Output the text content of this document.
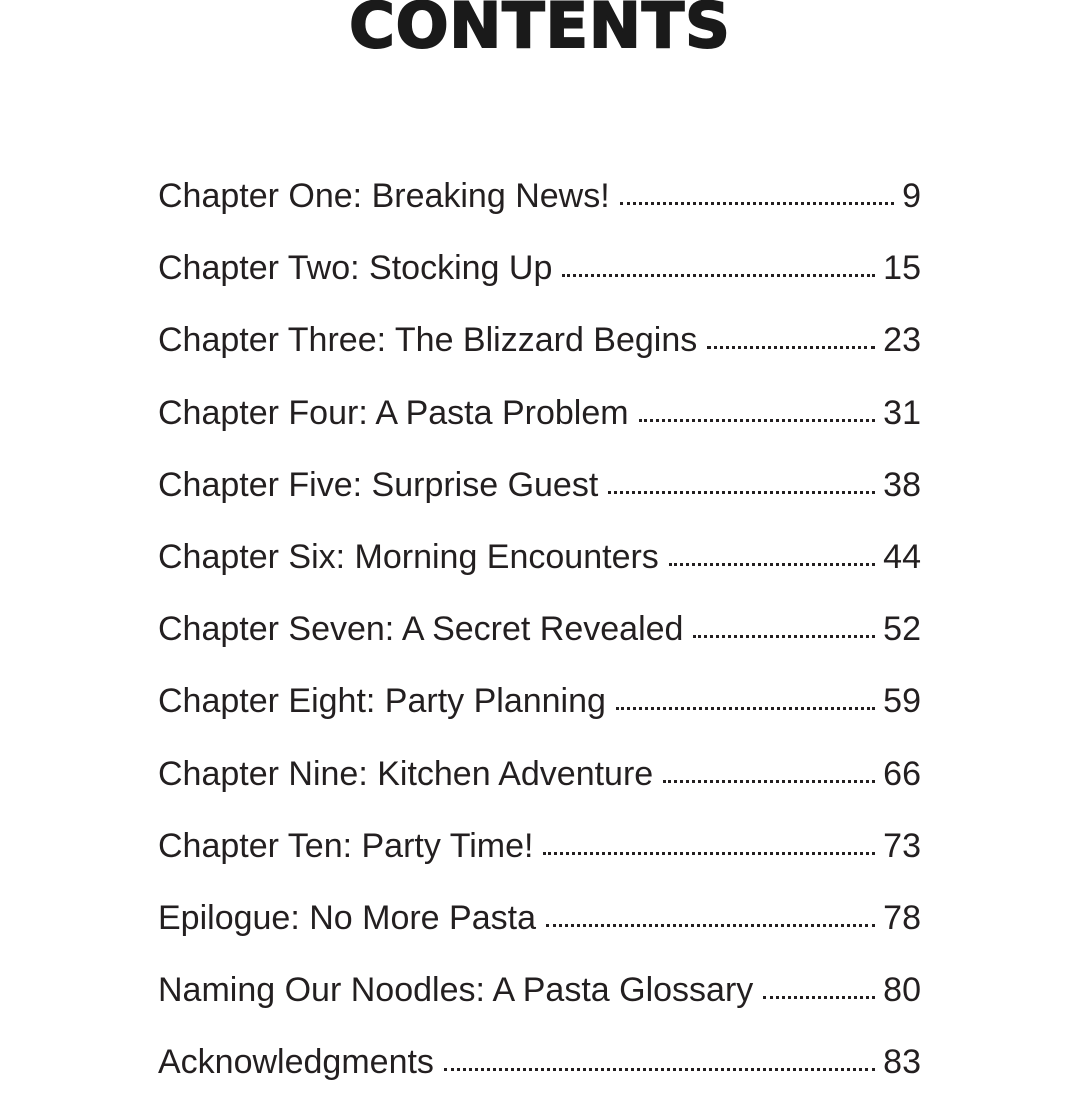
CONTENTS
Chapter One: Breaking News!	9
Chapter Two: Stocking Up	15
Chapter Three: The Blizzard Begins	23
Chapter Four: A Pasta Problem	31
Chapter Five: Surprise Guest	38
Chapter Six: Morning Encounters	44
Chapter Seven: A Secret Revealed	52
Chapter Eight: Party Planning	59
Chapter Nine: Kitchen Adventure	66
Chapter Ten: Party Time!	73
Epilogue: No More Pasta	78
Naming Our Noodles: A Pasta Glossary	80
Acknowledgments	83
